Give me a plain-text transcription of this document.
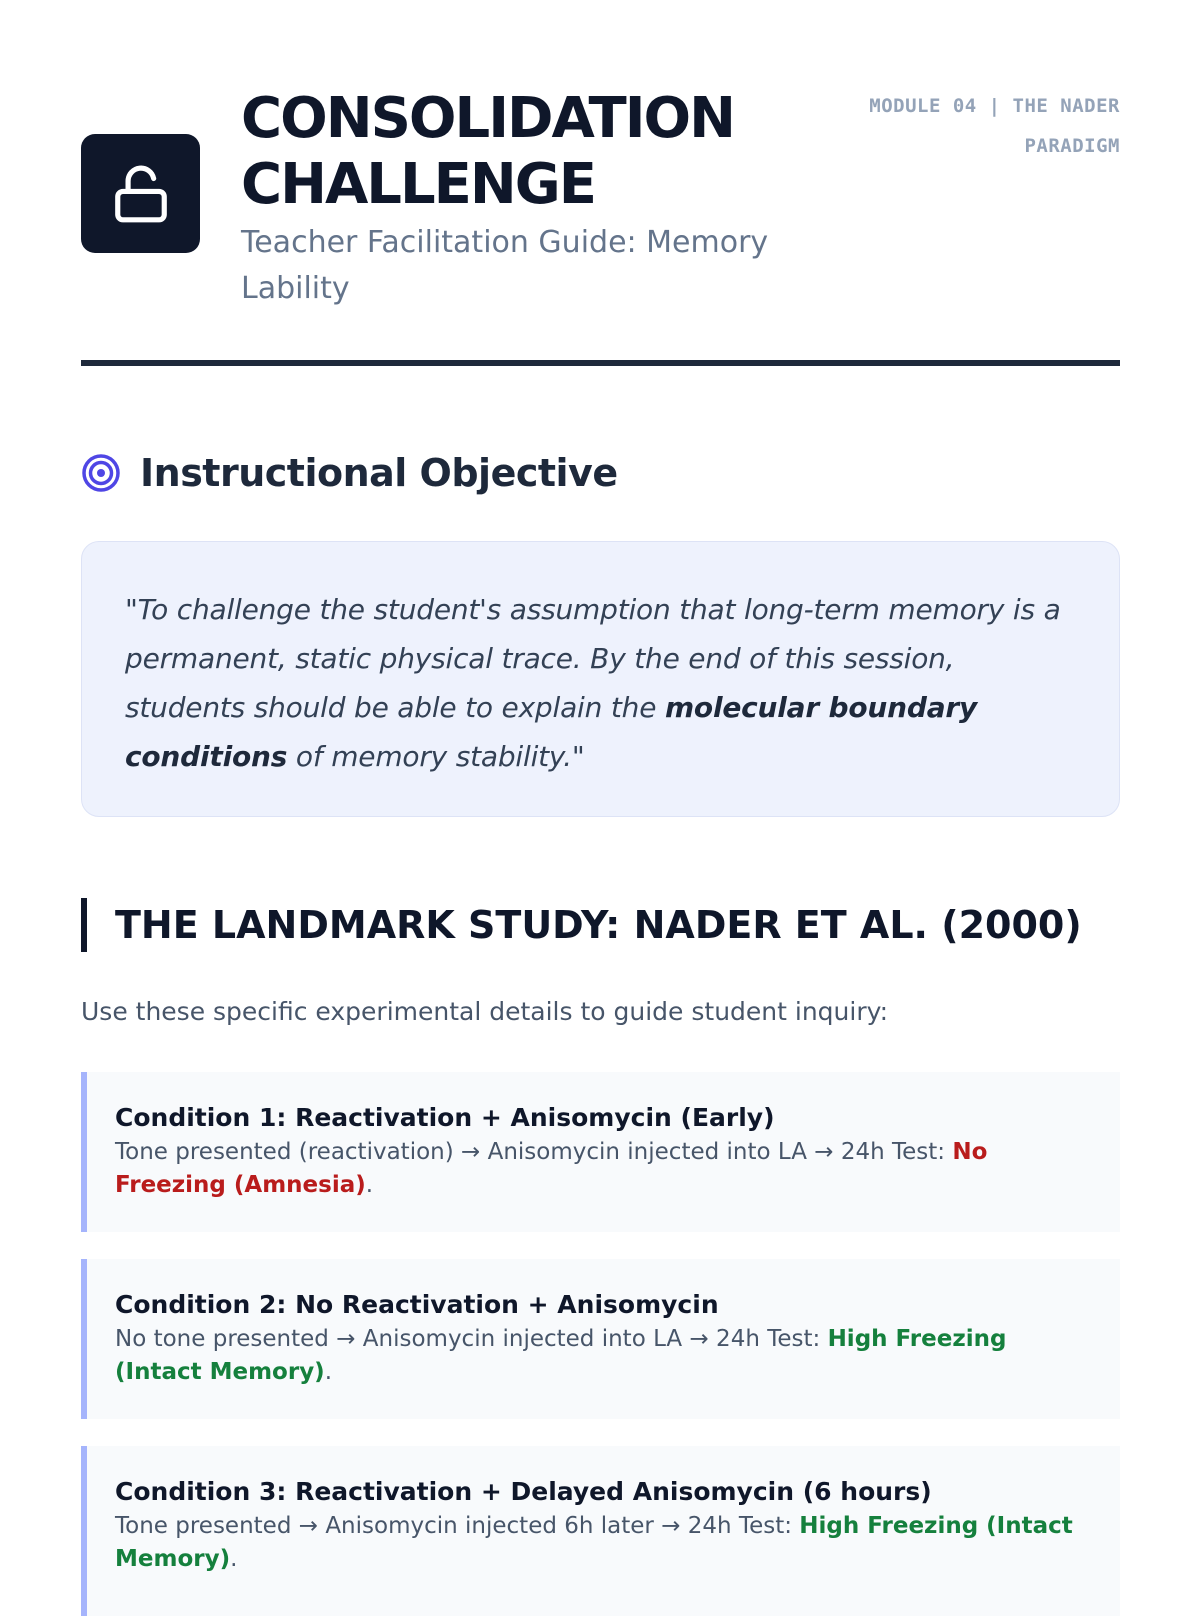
CONSOLIDATION CHALLENGE
Teacher Facilitation Guide: Memory Lability
MODULE 04 | THE NADER PARADIGM
Instructional Objective
"To challenge the student's assumption that long-term memory is a permanent, static physical trace. By the end of this session, students should be able to explain the molecular boundary conditions of memory stability."
THE LANDMARK STUDY: NADER ET AL. (2000)
Use these specific experimental details to guide student inquiry:
Condition 1: Reactivation + Anisomycin (Early)
Tone presented (reactivation) → Anisomycin injected into LA → 24h Test: No Freezing (Amnesia).
Condition 2: No Reactivation + Anisomycin
No tone presented → Anisomycin injected into LA → 24h Test: High Freezing (Intact Memory).
Condition 3: Reactivation + Delayed Anisomycin (6 hours)
Tone presented → Anisomycin injected 6h later → 24h Test: High Freezing (Intact Memory).
